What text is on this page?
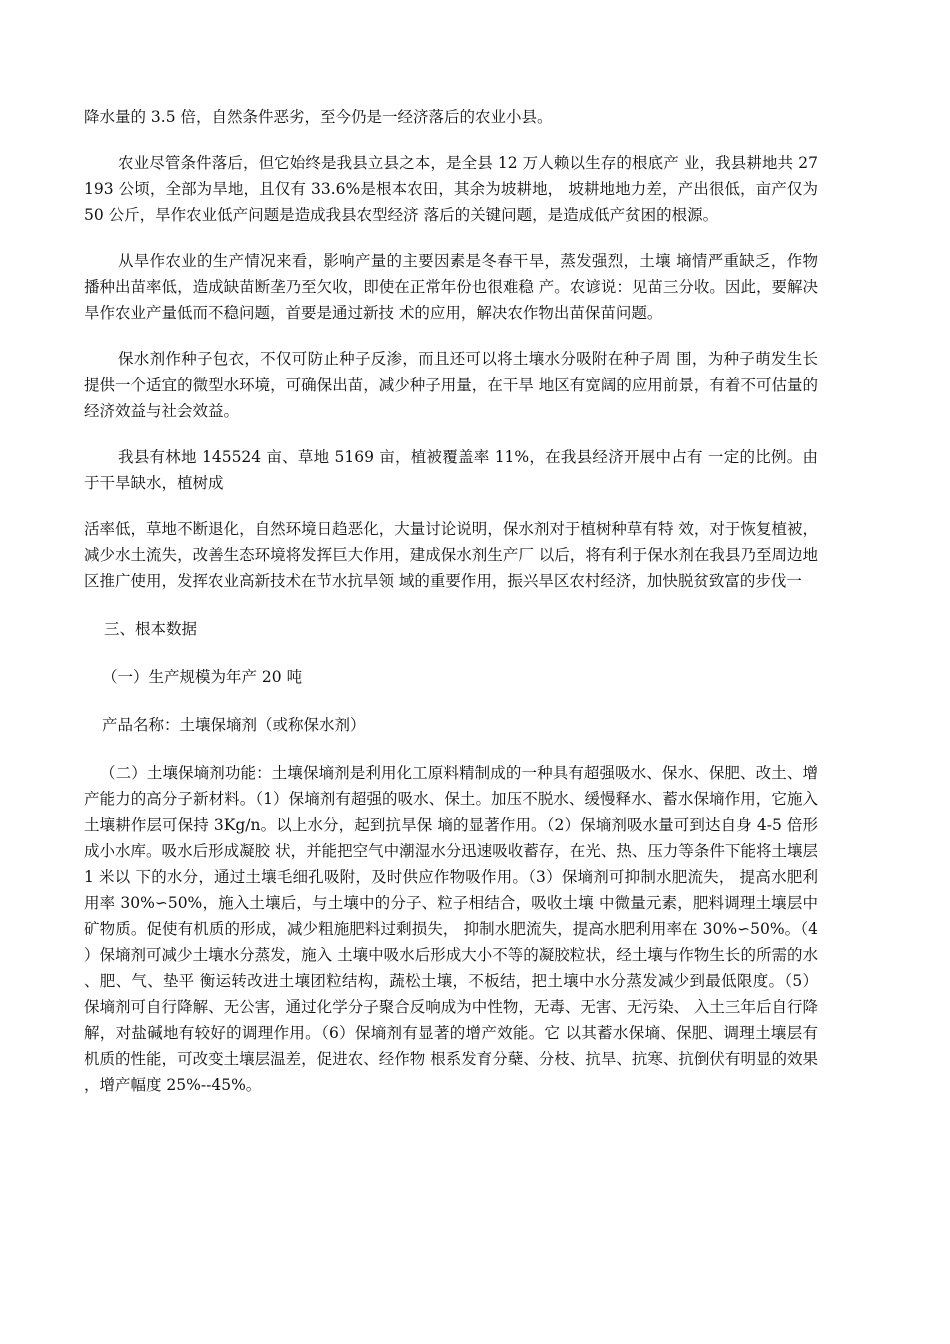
降水量的 3.5 倍，自然条件恶劣，至今仍是一经济落后的农业小县。

农业尽管条件落后，但它始终是我县立县之本，是全县 12 万人赖以生存的根底产 业，我县耕地共 27193 公顷，全部为旱地，且仅有 33.6%是根本农田，其余为坡耕地， 坡耕地地力差，产出很低，亩产仅为 50 公斤，旱作农业低产问题是造成我县农型经济 落后的关键问题，是造成低产贫困的根源。

从旱作农业的生产情况来看，影响产量的主要因素是冬春干旱，蒸发强烈，土壤 墒情严重缺乏，作物播种出苗率低，造成缺苗断垄乃至欠收，即使在正常年份也很难稳 产。农谚说：见苗三分收。因此，要解决旱作农业产量低而不稳问题，首要是通过新技 术的应用，解决农作物出苗保苗问题。

保水剂作种子包衣，不仅可防止种子反渗，而且还可以将土壤水分吸附在种子周 围，为种子萌发生长提供一个适宜的微型水环境，可确保出苗，减少种子用量，在干旱 地区有宽阔的应用前景，有着不可估量的经济效益与社会效益。

我县有林地 145524 亩、草地 5169 亩，植被覆盖率 11%，在我县经济开展中占有 一定的比例。由于干旱缺水，植树成

活率低，草地不断退化，自然环境日趋恶化，大量讨论说明，保水剂对于植树种草有特 效，对于恢复植被，减少水土流失，改善生态环境将发挥巨大作用，建成保水剂生产厂 以后，将有利于保水剂在我县乃至周边地区推广使用，发挥农业高新技术在节水抗旱领 域的重要作用，振兴旱区农村经济，加快脱贫致富的步伐一

三、根本数据

（一）生产规模为年产 20 吨

产品名称：土壤保墒剂（或称保水剂）

（二）土壤保墒剂功能：土壤保墒剂是利用化工原料精制成的一种具有超强吸水、保水、保肥、改土、增产能力的高分子新材料。（1）保墒剂有超强的吸水、保土。加压不脱水、缓慢释水、蓄水保墒作用，它施入土壤耕作层可保持 3Kg/n。以上水分，起到抗旱保 墒的显著作用。（2）保墒剂吸水量可到达自身 4-5 倍形成小水库。吸水后形成凝胶 状，并能把空气中潮湿水分迅速吸收蓄存，在光、热、压力等条件下能将土壤层 1 米以 下的水分，通过土壤毛细孔吸附，及时供应作物吸作用。（3）保墒剂可抑制水肥流失， 提高水肥利用率 30%∽50%，施入土壤后，与土壤中的分子、粒子相结合，吸收土壤 中微量元素，肥料调理土壤层中矿物质。促使有机质的形成，减少粗施肥料过剩损失， 抑制水肥流失，提高水肥利用率在 30%∽50%。（4）保墒剂可减少土壤水分蒸发，施入 土壤中吸水后形成大小不等的凝胶粒状，经土壤与作物生长的所需的水、肥、气、垫平 衡运转改进土壤团粒结构，蔬松土壤，不板结，把土壤中水分蒸发减少到最低限度。（5） 保墒剂可自行降解、无公害，通过化学分子聚合反响成为中性物，无毒、无害、无污染、 入土三年后自行降解，对盐碱地有较好的调理作用。（6）保墒剂有显著的增产效能。它 以其蓄水保墒、保肥、调理土壤层有机质的性能，可改变土壤层温差，促进农、经作物 根系发育分蘖、分枝、抗旱、抗寒、抗倒伏有明显的效果，增产幅度 25%--45%。
